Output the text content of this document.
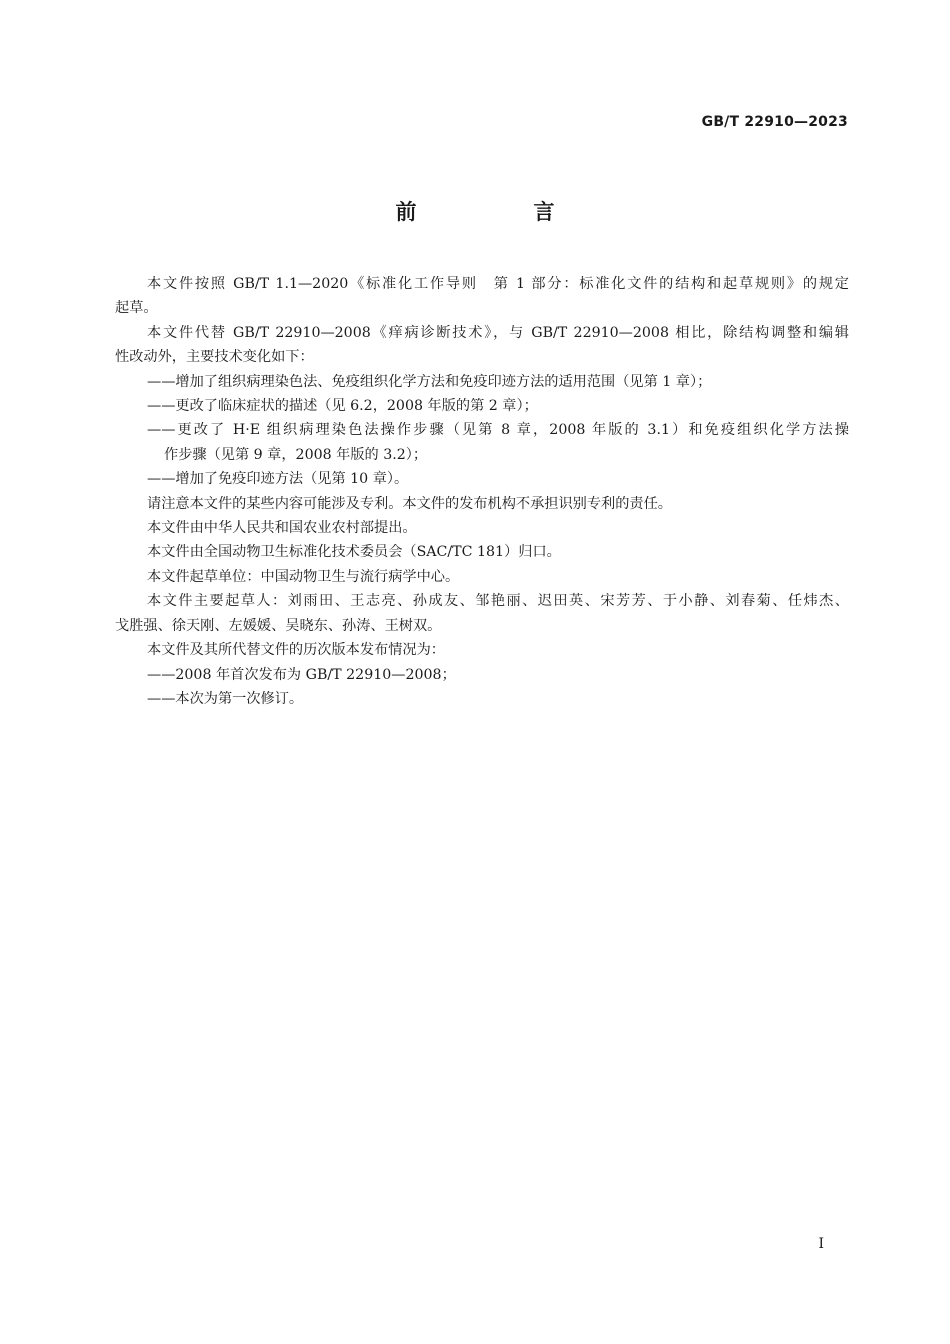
GB/T 22910—2023
前　言
本文件按照 GB/T 1.1—2020《标准化工作导则　第 1 部分：标准化文件的结构和起草规则》的规定
起草。
本文件代替 GB/T 22910—2008《痒病诊断技术》，与 GB/T 22910—2008 相比，除结构调整和编辑
性改动外，主要技术变化如下：
——增加了组织病理染色法、免疫组织化学方法和免疫印迹方法的适用范围（见第 1 章）；
——更改了临床症状的描述（见 6.2，2008 年版的第 2 章）；
——更改了 H·E 组织病理染色法操作步骤（见第 8 章，2008 年版的 3.1）和免疫组织化学方法操
作步骤（见第 9 章，2008 年版的 3.2）；
——增加了免疫印迹方法（见第 10 章）。
请注意本文件的某些内容可能涉及专利。本文件的发布机构不承担识别专利的责任。
本文件由中华人民共和国农业农村部提出。
本文件由全国动物卫生标准化技术委员会（SAC/TC 181）归口。
本文件起草单位：中国动物卫生与流行病学中心。
本文件主要起草人：刘雨田、王志亮、孙成友、邹艳丽、迟田英、宋芳芳、于小静、刘春菊、任炜杰、
戈胜强、徐天刚、左媛媛、吴晓东、孙涛、王树双。
本文件及其所代替文件的历次版本发布情况为：
——2008 年首次发布为 GB/T 22910—2008；
——本次为第一次修订。
I
